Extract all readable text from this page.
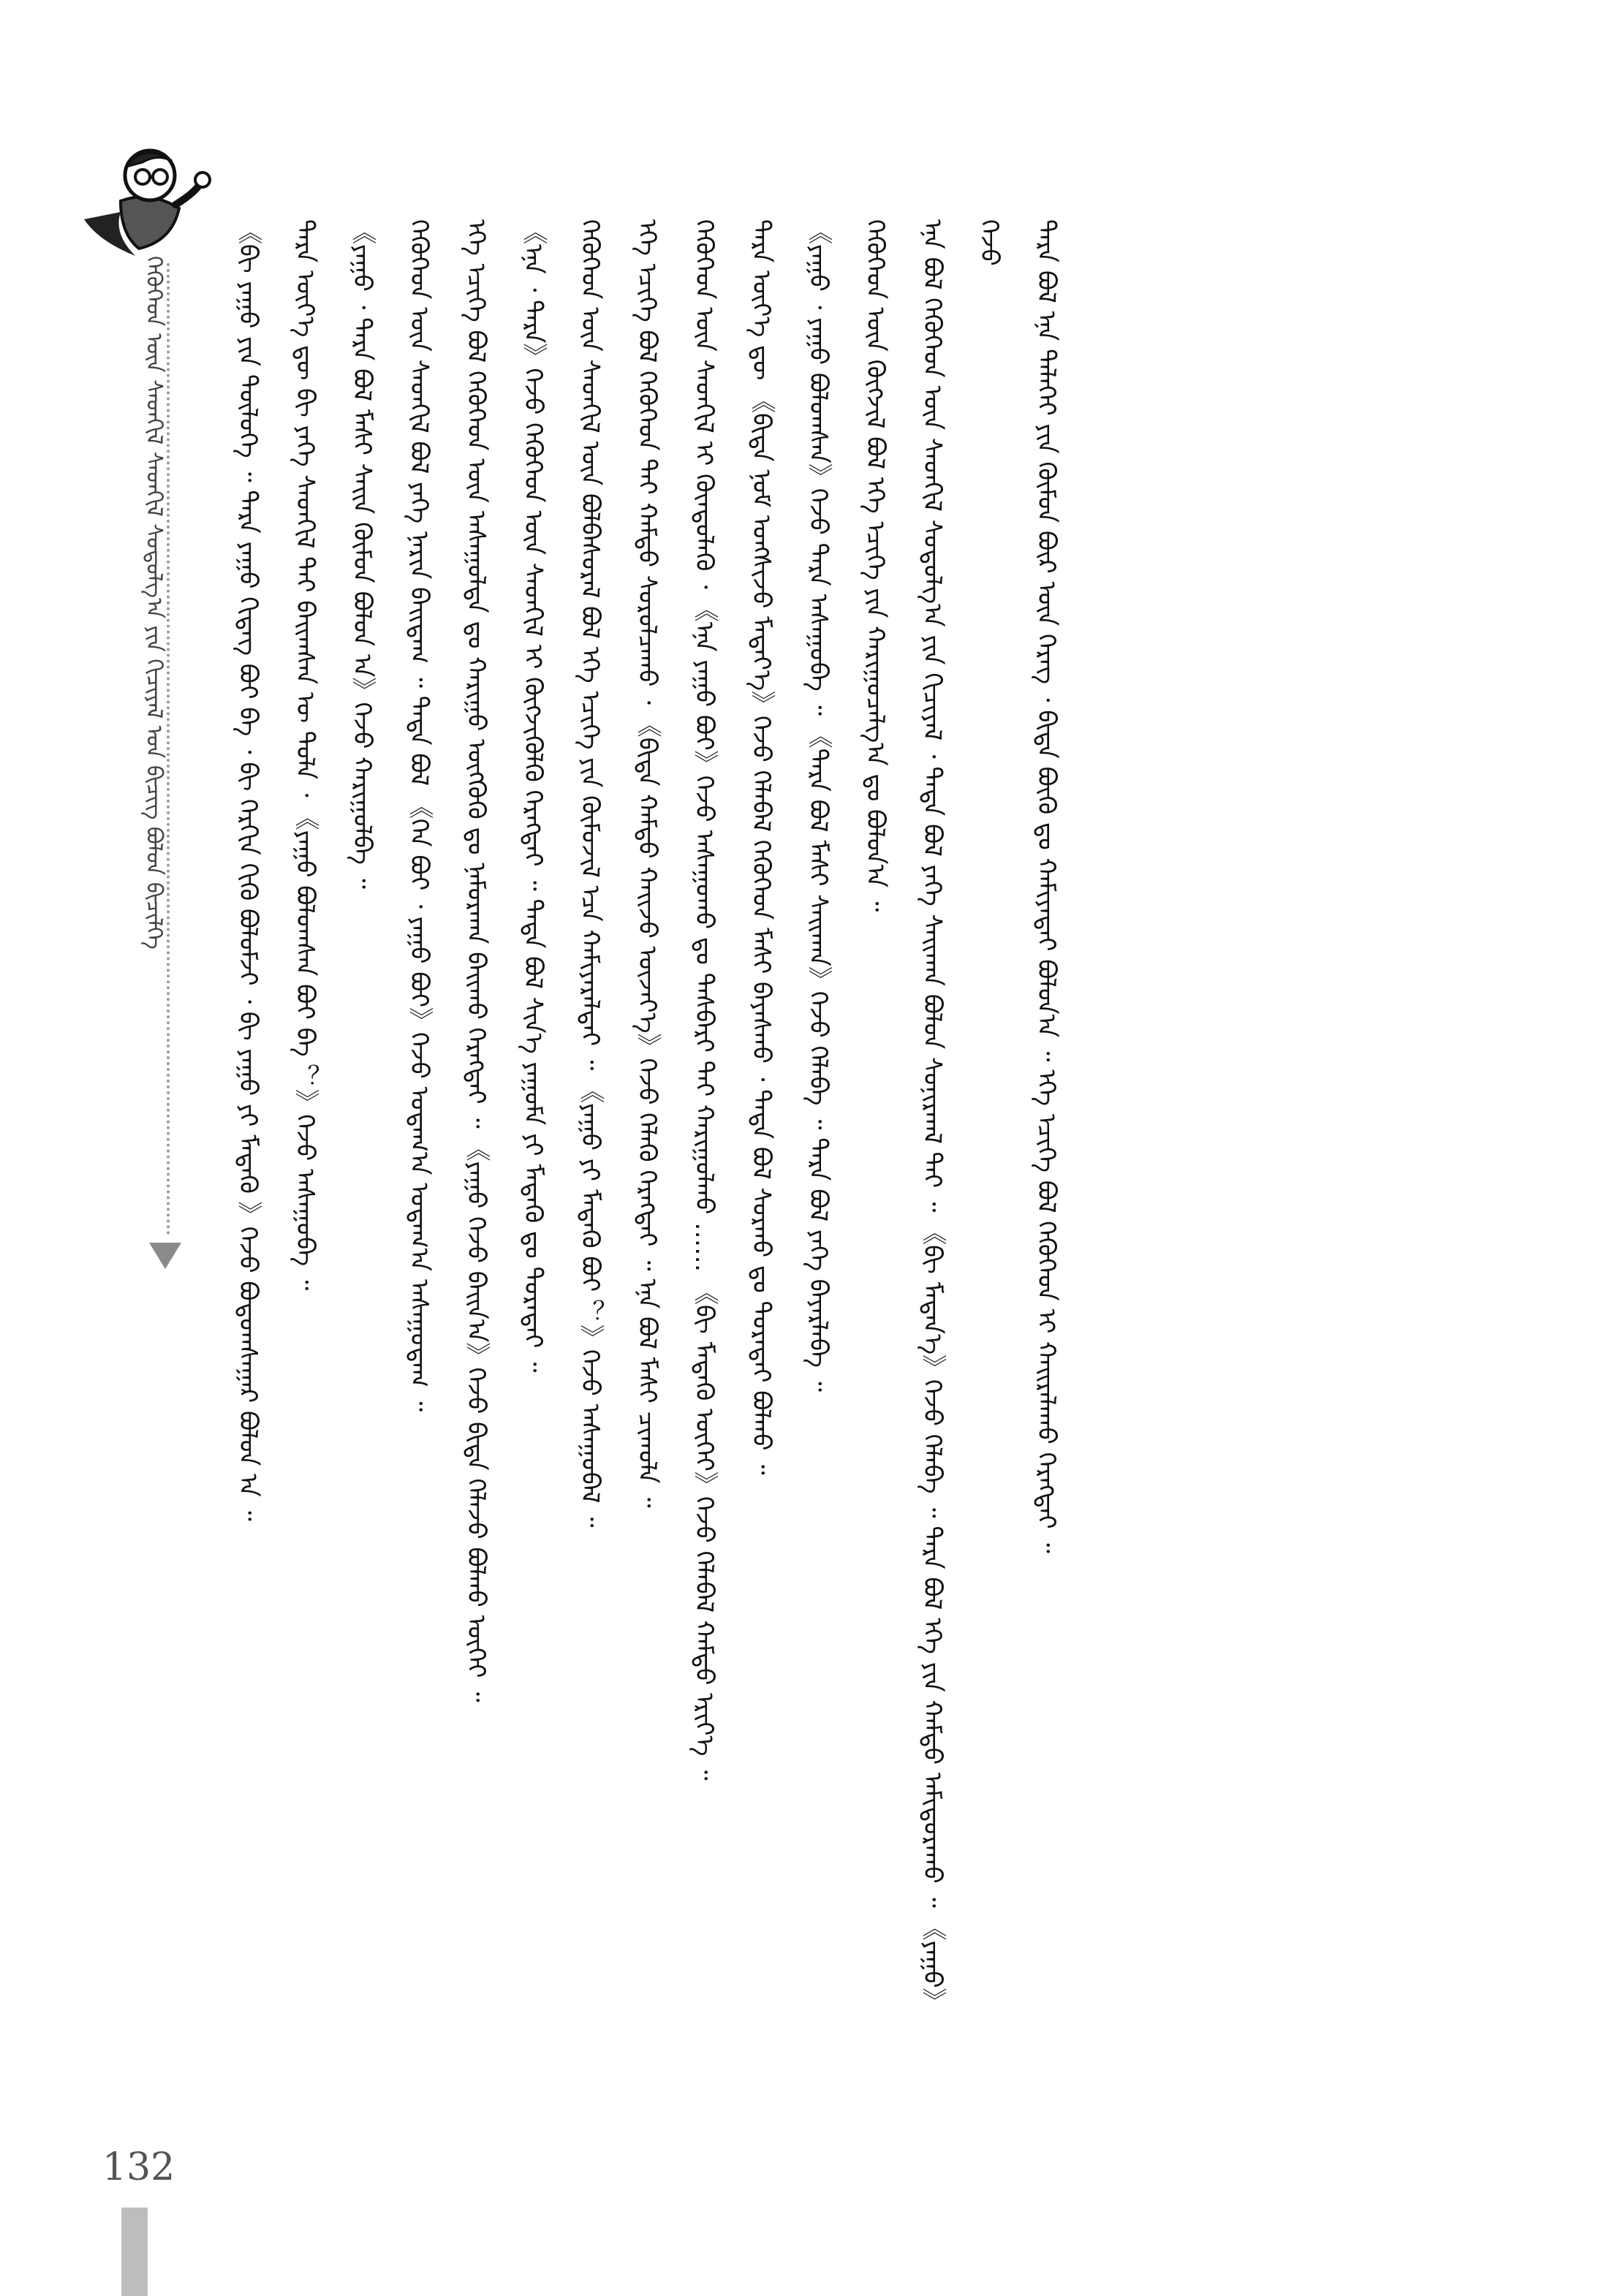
ᠬᠡᠭᠦᠬᠡᠳ ᠦᠨ ᠰᠡᠳᠬᠢᠯ ᠰᠡᠳᠬᠢᠯ ᠰᠤᠳᠤᠯᠭ᠎ᠠ ᠶᠢᠨ ᠬᠢᠴᠢᠶᠡᠯ ᠤᠨ ᠪᠢᠴᠢᠭ ᠪᠣᠯᠤᠨ ᠪᠢᠴᠢᠯᠭᠡ	《ᠪᠢ ᠶᠠᠭᠤ ᠶᠢᠨ ᠲᠥᠯᠥᠭᠡ ᠃ ᠲᠡᠷᠡ ᠶᠠᠭᠤ ᠬᠢᠳᠡᠭ ᠪᠣᠢ ᠪᠡ ᠂ ᠪᠢ ᠬᠡᠷᠬᠢᠨ ᠬᠢᠬᠦ ᠪᠣᠯᠤᠮᠵᠢ ᠂ ᠪᠢ ᠶᠠᠭᠤ ᠶᠢ ᠮᠡᠳᠡᠬᠦ 》ᠭᠡᠵᠦ ᠪᠣᠳᠤᠭᠰᠠᠭᠠᠷ ᠪᠣᠯᠤᠨ ᠠ ᠃	ᠲᠡᠷᠡ ᠦᠶ᠎ᠡ ᠳᠦ ᠪᠢ ᠶᠡᠬᠡ ᠰᠡᠳᠬᠢᠯ ᠲᠠᠢ ᠪᠠᠢᠭᠰᠠᠨ ᠦ ᠲᠤᠯᠠ ᠂ 《ᠶᠠᠭᠤ ᠪᠣᠯᠤᠭᠰᠠᠨ ᠪᠣᠢ ᠪᠡ ？》ᠭᠡᠵᠦ ᠠᠰᠠᠭᠤᠪᠠ ᠃	《ᠶᠠᠭᠤ ᠂ ᠲᠡᠷᠡ ᠪᠣᠯ ᠮᠠᠰᠢ ᠰᠠᠢᠨ ᠬᠦᠮᠦᠨ ᠪᠣᠯᠤᠨ ᠠ》ᠭᠡᠵᠦ ᠬᠠᠷᠢᠭᠤᠯᠪᠠ ᠃	ᠬᠡᠭᠦᠬᠡᠳ ᠦᠨ ᠰᠡᠳᠬᠢᠯ ᠪᠣᠯ ᠶᠡᠬᠡ ᠨᠠᠷᠢᠨ ᠪᠠᠢᠳᠠᠭ ᠃ ᠲᠡᠳᠡ ᠪᠣᠯ 《ᠬᠡᠨ ᠪᠣᠢ ᠂ ᠶᠠᠭᠤ ᠪᠣᠢ》ᠭᠡᠵᠦ ᠤᠳᠠᠭ᠎ᠠ ᠤᠳᠠᠭ᠎ᠠ ᠠᠰᠠᠭᠤᠳᠠᠭ ᠃	ᠡᠬᠡ ᠡᠴᠢᠭᠡ ᠪᠣᠯ ᠬᠡᠭᠦᠬᠡᠳ ᠦᠨ ᠠᠰᠠᠭᠤᠯᠲᠠ ᠳᠤ ᠬᠠᠷᠢᠭᠤ ᠥᠭᠭᠦᠬᠦ ᠳᠤ ᠨᠠᠮᠤᠷᠬᠠᠨ ᠪᠠᠢᠬᠤ ᠬᠡᠷᠡᠭᠲᠡᠢ ᠃ 《ᠶᠠᠭᠤ ᠭᠡᠵᠦ ᠪᠠᠢᠨ᠎ᠠ》ᠭᠡᠵᠦ ᠪᠢᠳᠡ ᠬᠡᠯᠡᠵᠦ ᠪᠣᠯᠬᠤ ᠦᠭᠡᠢ ᠃	《ᠡᠨᠡ ᠂ ᠲᠡᠷᠡ》ᠭᠡᠵᠦ ᠬᠡᠭᠦᠬᠡᠳ ᠦᠨ ᠰᠡᠳᠬᠢᠯ ᠢ ᠬᠥᠭᠵᠢᠭᠦᠯᠬᠦ ᠬᠡᠷᠡᠭᠲᠡᠢ ᠃ ᠲᠡᠳᠡ ᠪᠣᠯ ᠰᠢᠨ᠎ᠡ ᠶᠠᠭᠤᠮᠠ ᠶᠢ ᠮᠡᠳᠡᠬᠦ ᠳᠤ ᠳᠤᠷᠠᠲᠠᠢ ᠃	ᠬᠡᠭᠦᠬᠡᠳ ᠦᠨ ᠰᠡᠳᠬᠢᠯ ᠦᠨ ᠪᠣᠯᠪᠠᠰᠤᠷᠠᠯ ᠪᠣᠯ ᠡᠬᠡ ᠡᠴᠢᠭᠡ ᠶᠢᠨ ᠬᠦᠮᠦᠵᠢᠯ ᠡᠴᠡ ᠬᠠᠮᠢᠶᠠᠷᠠᠯᠲᠠᠢ ᠃ 《ᠶᠠᠭᠤ ᠶᠢ ᠮᠡᠳᠡᠬᠦ ᠪᠣᠢ ？》ᠭᠡᠵᠦ ᠠᠰᠠᠭᠤᠪᠠᠯ ᠃	ᠡᠬᠡ ᠡᠴᠢᠭᠡ ᠪᠣᠯ ᠬᠡᠭᠦᠬᠡᠳ ᠲᠡᠢ ᠬᠠᠮᠲᠤ ᠰᠤᠷᠤᠯᠴᠠᠬᠤ ᠂ 《ᠪᠢᠳᠡ ᠬᠠᠮᠲᠤ ᠬᠠᠢᠵᠤ ᠦᠵᠡᠶ᠎ᠡ》ᠭᠡᠵᠦ ᠬᠡᠯᠡᠬᠦ ᠬᠡᠷᠡᠭᠲᠡᠢ ᠃ ᠡᠨᠡ ᠪᠣᠯ ᠮᠠᠰᠢ ᠴᠢᠬᠤᠯᠠ ᠃	ᠬᠡᠭᠦᠬᠡᠳ ᠦᠨ ᠰᠡᠳᠬᠢᠯ ᠢ ᠬᠦᠨᠳᠦᠯᠡᠬᠦ ᠂ 《ᠡᠨᠡ ᠶᠠᠭᠤ ᠪᠣᠢ》ᠭᠡᠵᠦ ᠠᠰᠠᠭᠤᠬᠤ ᠳᠤ ᠲᠡᠰᠪᠡᠷᠢ ᠲᠠᠢ ᠬᠠᠷᠢᠭᠤᠯᠬᠤ …… 《ᠪᠢ ᠮᠡᠳᠡᠬᠦ ᠦᠭᠡᠢ》ᠭᠡᠵᠦ ᠬᠡᠯᠡᠪᠡᠯ ᠬᠠᠮᠲᠤ ᠡᠷᠢᠶ᠎ᠡ ᠃	ᠲᠡᠷᠡ ᠦᠶ᠎ᠡ ᠳᠦ 《ᠪᠢᠳᠡ ᠨᠣᠮ ᠤᠩᠰᠢᠵᠤ ᠮᠡᠳᠡᠶ᠎ᠡ》ᠭᠡᠵᠦ ᠬᠡᠯᠡᠪᠡᠯ ᠬᠡᠭᠦᠬᠡᠳ ᠮᠠᠰᠢ ᠪᠠᠶᠠᠰᠬᠤ ᠂ ᠲᠡᠳᠡ ᠪᠣᠯ ᠰᠤᠷᠬᠤ ᠳᠤ ᠳᠤᠷᠠᠲᠠᠢ ᠪᠣᠯᠬᠤ ᠃	《ᠶᠠᠭᠤ ᠂ ᠶᠠᠭᠤ ᠪᠣᠯᠤᠭᠰᠠᠨ》ᠭᠡᠵᠦ ᠲᠡᠷᠡ ᠠᠰᠠᠭᠤᠪᠠ ᠃ 《ᠲᠡᠷᠡ ᠪᠣᠯ ᠮᠠᠰᠢ ᠰᠠᠢᠬᠠᠨ》ᠭᠡᠵᠦ ᠬᠡᠯᠡᠪᠡ ᠃ ᠲᠡᠷᠡ ᠪᠣᠯ ᠶᠡᠬᠡ ᠪᠠᠶᠠᠷᠯᠠᠪᠠ ᠃	ᠬᠡᠭᠦᠬᠡᠳ ᠦᠨ ᠬᠥᠭᠵᠢᠯ ᠪᠣᠯ ᠡᠬᠡ ᠡᠴᠢᠭᠡ ᠶᠢᠨ ᠬᠠᠷᠢᠭᠤᠴᠠᠯᠭ᠎ᠠ ᠳᠤ ᠪᠣᠯᠤᠨ᠎ᠠ ᠃	ᠡᠨᠡ ᠪᠣᠯ ᠬᠡᠭᠦᠬᠡᠳ ᠦᠨ ᠰᠡᠳᠬᠢᠯ ᠰᠤᠳᠤᠯᠭ᠎ᠠ ᠶᠢᠨ ᠬᠢᠴᠢᠶᠡᠯ ᠂ ᠲᠡᠳᠡ ᠪᠣᠯ ᠶᠡᠬᠡ ᠰᠠᠢᠬᠠᠨ ᠪᠣᠯᠤᠨ ᠰᠣᠨᠢᠷᠬᠠᠯ ᠲᠠᠢ ᠃ 《ᠪᠢ ᠮᠡᠳᠡᠨ᠎ᠡ》ᠭᠡᠵᠦ ᠬᠡᠯᠡᠪᠡ ᠃ ᠲᠡᠷᠡ ᠪᠣᠯ ᠡᠬᠡ ᠶᠢᠨ ᠬᠠᠮᠲᠤ ᠠᠮᠢᠳᠤᠷᠠᠬᠤ ᠃ 《ᠶᠠᠭᠤ》ᠭᠡᠵᠦ	ᠲᠡᠷᠡ ᠪᠣᠯ ᠡᠨᠡ ᠳᠡᠯᠡᠬᠡᠢ ᠶᠢᠨ ᠬᠦᠮᠦᠨ ᠪᠦᠷ ᠦᠨ ᠬᠡᠷᠡᠭ ᠂ ᠪᠢᠳᠡ ᠪᠦᠬᠦ ᠳᠤ ᠬᠠᠮᠢᠶᠠᠲᠠᠢ ᠪᠣᠯᠤᠨ᠎ᠠ ᠃ ᠡᠬᠡ ᠡᠴᠢᠭᠡ ᠪᠣᠯ ᠬᠡᠭᠦᠬᠡᠳ ᠢ ᠬᠠᠢᠷᠠᠯᠠᠬᠤ ᠬᠡᠷᠡᠭᠲᠡᠢ ᠃

132
